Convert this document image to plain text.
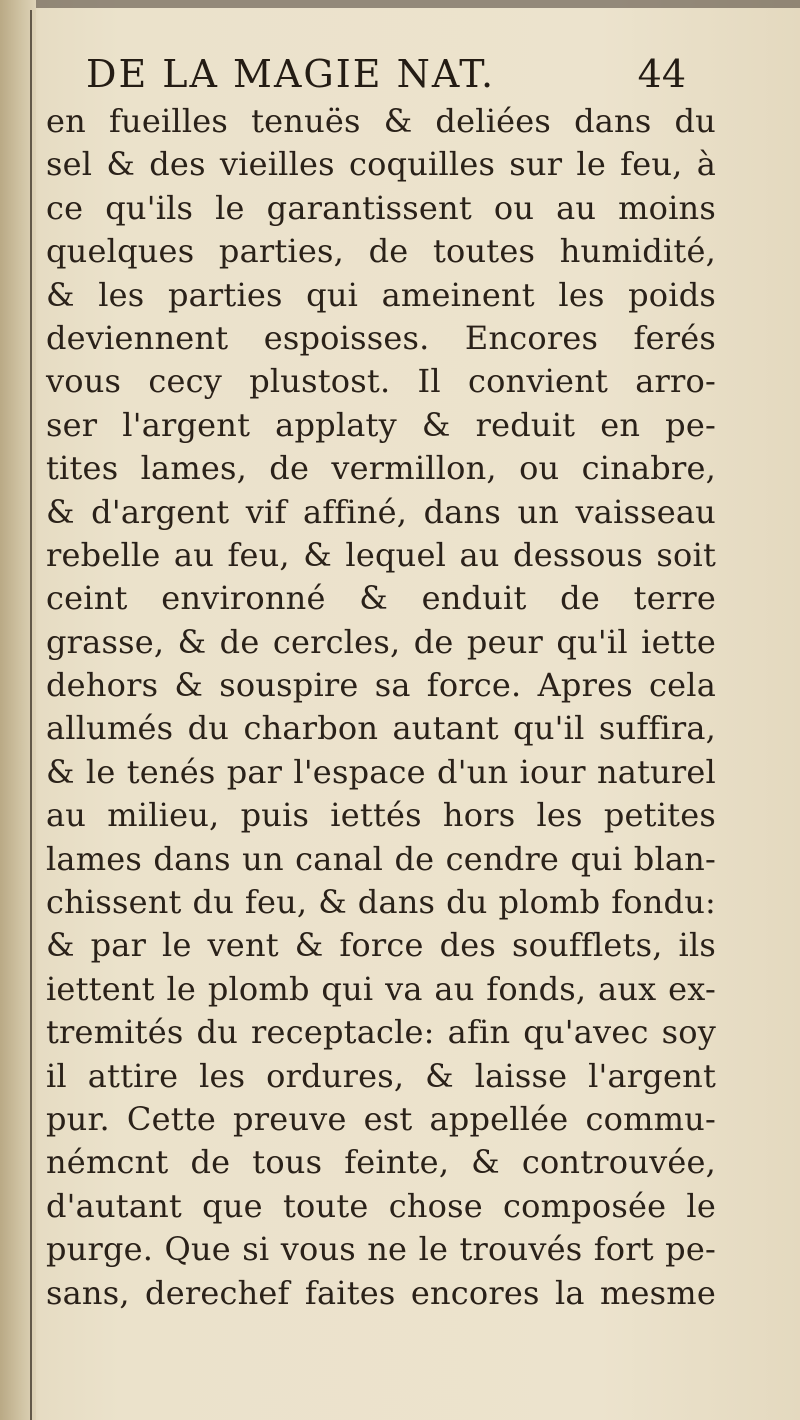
DE LA MAGIE NAT.	44
en fueilles tenuës & deliées dans du
sel & des vieilles coquilles sur le feu, à
ce qu'ils le garantissent ou au moins
quelques parties, de toutes humidité,
& les parties qui ameinent les poids
deviennent espoisses. Encores ferés
vous cecy plustost. Il convient arro-
ser l'argent applaty & reduit en pe-
tites lames, de vermillon, ou cinabre,
& d'argent vif affiné, dans un vaisseau
rebelle au feu, & lequel au dessous soit
ceint environné & enduit de terre
grasse, & de cercles, de peur qu'il iette
dehors & souspire sa force. Apres cela
allumés du charbon autant qu'il suffira,
& le tenés par l'espace d'un iour naturel
au milieu, puis iettés hors les petites
lames dans un canal de cendre qui blan-
chissent du feu, & dans du plomb fondu:
& par le vent & force des soufflets, ils
iettent le plomb qui va au fonds, aux ex-
tremités du receptacle: afin qu'avec soy
il attire les ordures, & laisse l'argent
pur. Cette preuve est appellée commu-
némcnt de tous feinte, & controuvée,
d'autant que toute chose composée le
purge. Que si vous ne le trouvés fort pe-
sans, derechef faites encores la mesme
